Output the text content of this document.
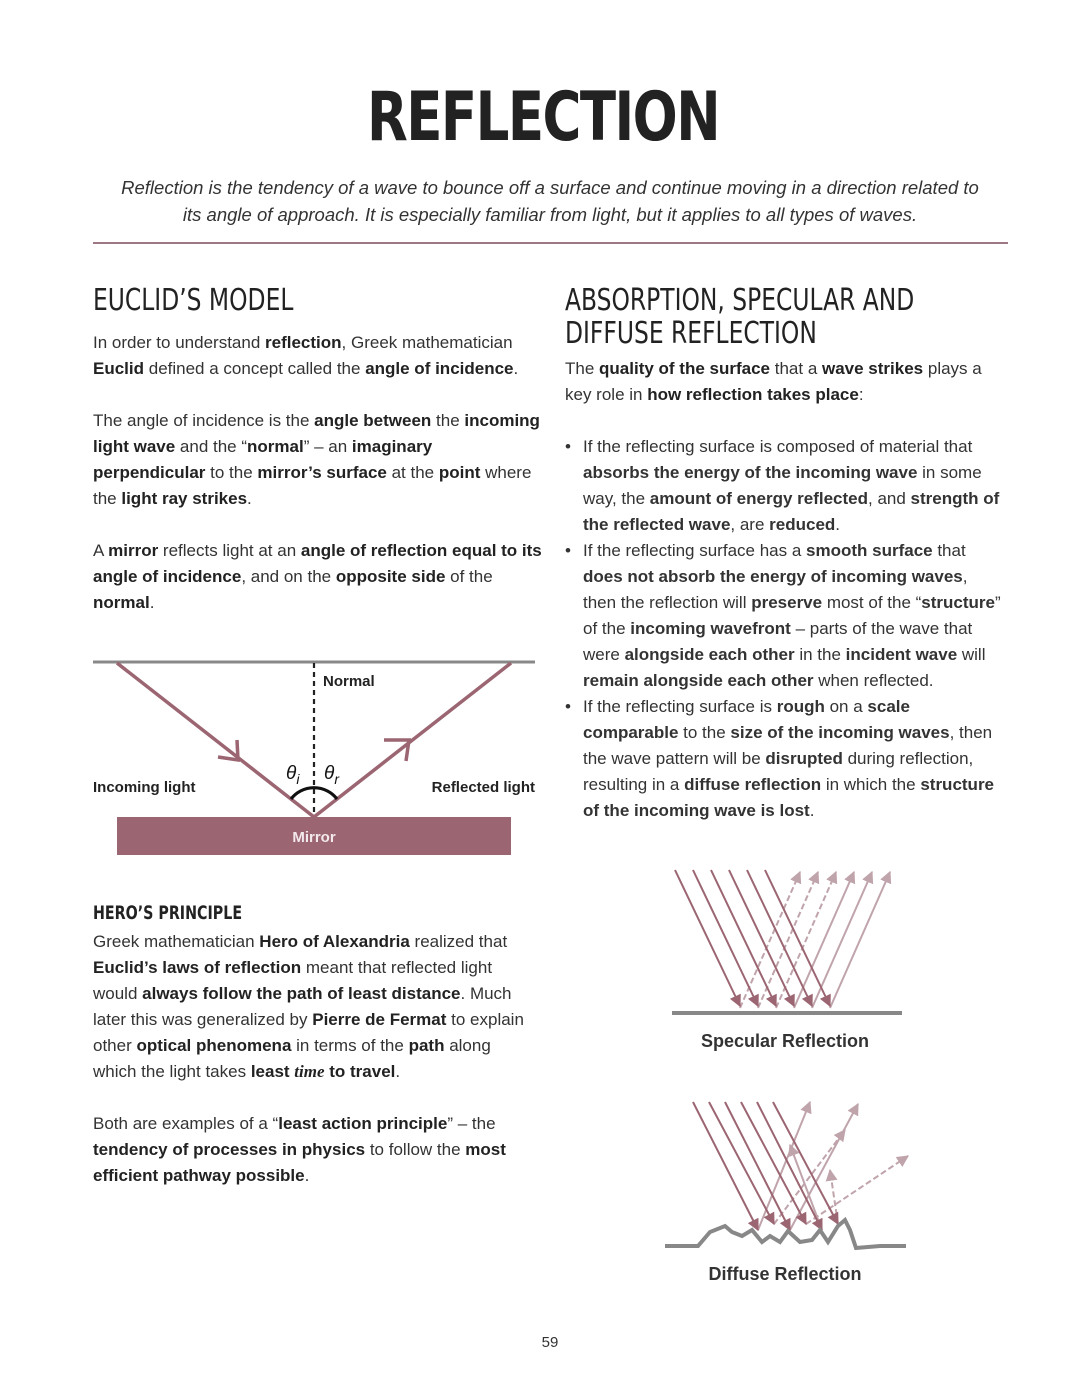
REFLECTION

Reflection is the tendency of a wave to bounce off a surface and continue moving in a direction related to its angle of approach. It is especially familiar from light, but it applies to all types of waves.

EUCLID’S MODEL

In order to understand reflection, Greek mathematician Euclid defined a concept called the angle of incidence.

The angle of incidence is the angle between the incoming light wave and the “normal” – an imaginary perpendicular to the mirror’s surface at the point where the light ray strikes.

A mirror reflects light at an angle of reflection equal to its angle of incidence, and on the opposite side of the normal.

Mirror
Normal
Incoming light	Reflected light
$\theta_i$ $\theta_r$
HERO’S PRINCIPLE

Greek mathematician Hero of Alexandria realized that Euclid’s laws of reflection meant that reflected light would always follow the path of least distance. Much later this was generalized by Pierre de Fermat to explain other optical phenomena in terms of the path along which the light takes least time to travel.

Both are examples of a “least action principle” – the tendency of processes in physics to follow the most efficient pathway possible.

ABSORPTION, SPECULAR AND
DIFFUSE REFLECTION

The quality of the surface that a wave strikes plays a key role in how reflection takes place:

• If the reflecting surface is composed of material that absorbs the energy of the incoming wave in some way, the amount of energy reflected, and strength of the reflected wave, are reduced.
• If the reflecting surface has a smooth surface that does not absorb the energy of incoming waves, then the reflection will preserve most of the “structure” of the incoming wavefront – parts of the wave that were alongside each other in the incident wave will remain alongside each other when reflected.
• If the reflecting surface is rough on a scale comparable to the size of the incoming waves, then the wave pattern will be disrupted during reflection, resulting in a diffuse reflection in which the structure of the incoming wave is lost.
Specular Reflection
Diffuse Reflection
59
